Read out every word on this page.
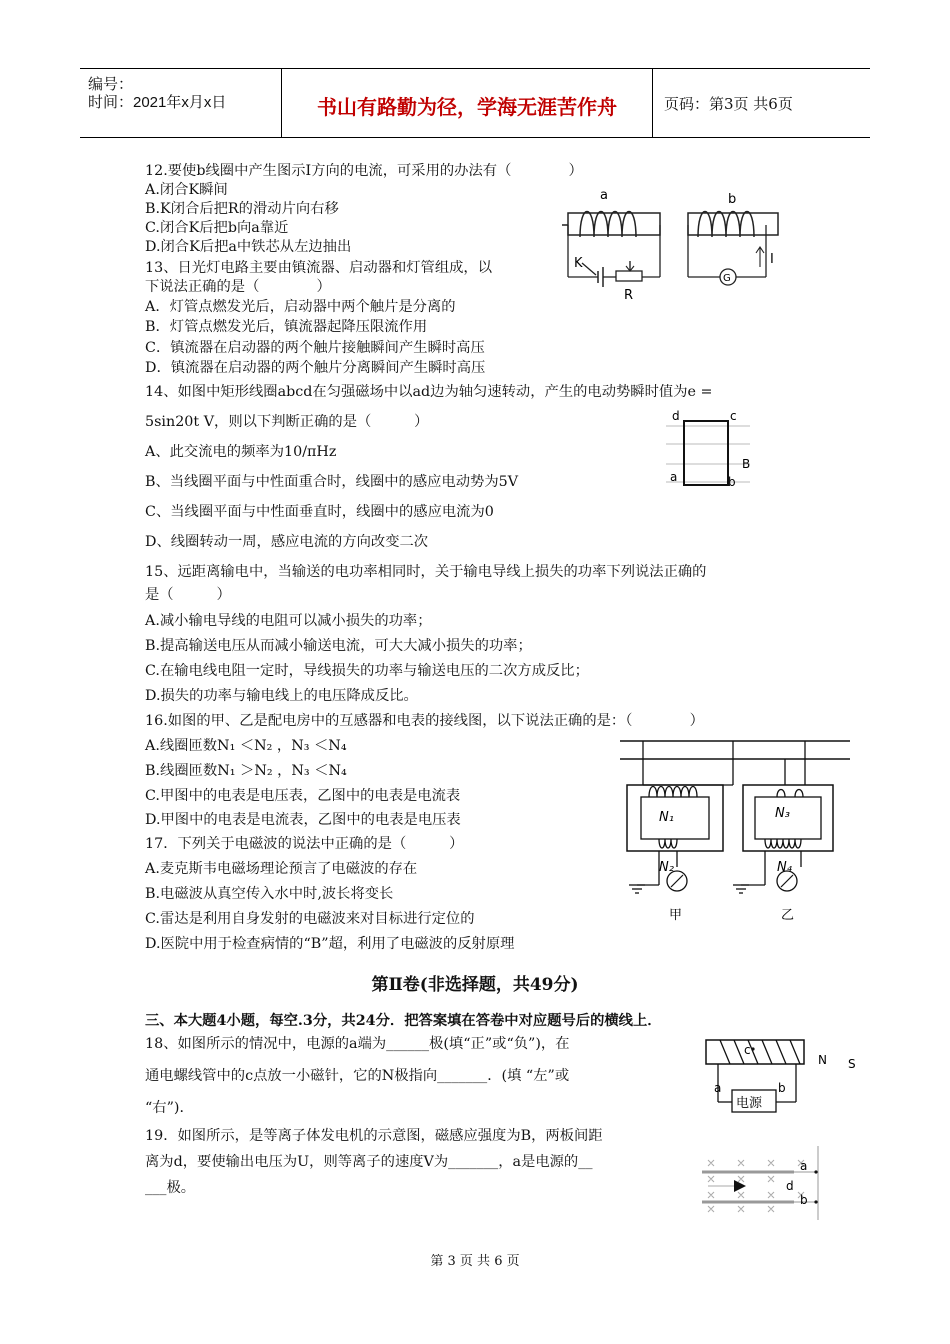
编号：
时间：2021年x月x日	书山有路勤为径，学海无涯苦作舟	页码：第3页 共6页
12.要使b线圈中产生图示I方向的电流，可采用的办法有（　　　　）
A.闭合K瞬间
B.K闭合后把R的滑动片向右移
C.闭合K后把b向a靠近
D.闭合K后把a中铁芯从左边抽出
a	b
K
R
G
I
13、日光灯电路主要由镇流器、启动器和灯管组成，以
下说法正确的是（　　　　）
A．灯管点燃发光后，启动器中两个触片是分离的
B．灯管点燃发光后，镇流器起降压限流作用
C．镇流器在启动器的两个触片接触瞬间产生瞬时高压
D．镇流器在启动器的两个触片分离瞬间产生瞬时高压
14、如图中矩形线圈abcd在匀强磁场中以ad边为轴匀速转动，产生的电动势瞬时值为e =
5sin20t V，则以下判断正确的是（　　　）
A、此交流电的频率为10/πHz
B、当线圈平面与中性面重合时，线圈中的感应电动势为5V
C、当线圈平面与中性面垂直时，线圈中的感应电流为0
D、线圈转动一周，感应电流的方向改变二次
d	c
a	b
B
15、远距离输电中，当输送的电功率相同时，关于输电导线上损失的功率下列说法正确的
是（　　　）
A.减小输电导线的电阻可以减小损失的功率；
B.提高输送电压从而减小输送电流，可大大减小损失的功率；
C.在输电线电阻一定时，导线损失的功率与输送电压的二次方成反比；
D.损失的功率与输电线上的电压降成反比。
16.如图的甲、乙是配电房中的互感器和电表的接线图，以下说法正确的是：（　　　　）
A.线圈匝数N₁ ＜N₂ ，N₃ ＜N₄
B.线圈匝数N₁ ＞N₂ ，N₃ ＜N₄
C.甲图中的电表是电压表，乙图中的电表是电流表
D.甲图中的电表是电流表，乙图中的电表是电压表	N₁
N₂
甲
N₃
N₄
乙
17．下列关于电磁波的说法中正确的是（　　　）
A.麦克斯韦电磁场理论预言了电磁波的存在
B.电磁波从真空传入水中时,波长将变长
C.雷达是利用自身发射的电磁波来对目标进行定位的
D.医院中用于检查病情的“B”超，利用了电磁波的反射原理
第Ⅱ卷(非选择题，共49分)
三、本大题4小题，每空.3分，共24分．把答案填在答卷中对应题号后的横线上．
18、如图所示的情况中，电源的a端为______极(填“正”或“负”)，在
通电螺线管中的c点放一小磁针，它的N极指向_______．(填 “左”或
“右”)．
c
N S
a	b
电源
19．如图所示，是等离子体发电机的示意图，磁感应强度为B，两板间距
离为d，要使输出电压为U，则等离子的速度V为_______，a是电源的__
___极。
a
d
b
第 3 页 共 6 页
